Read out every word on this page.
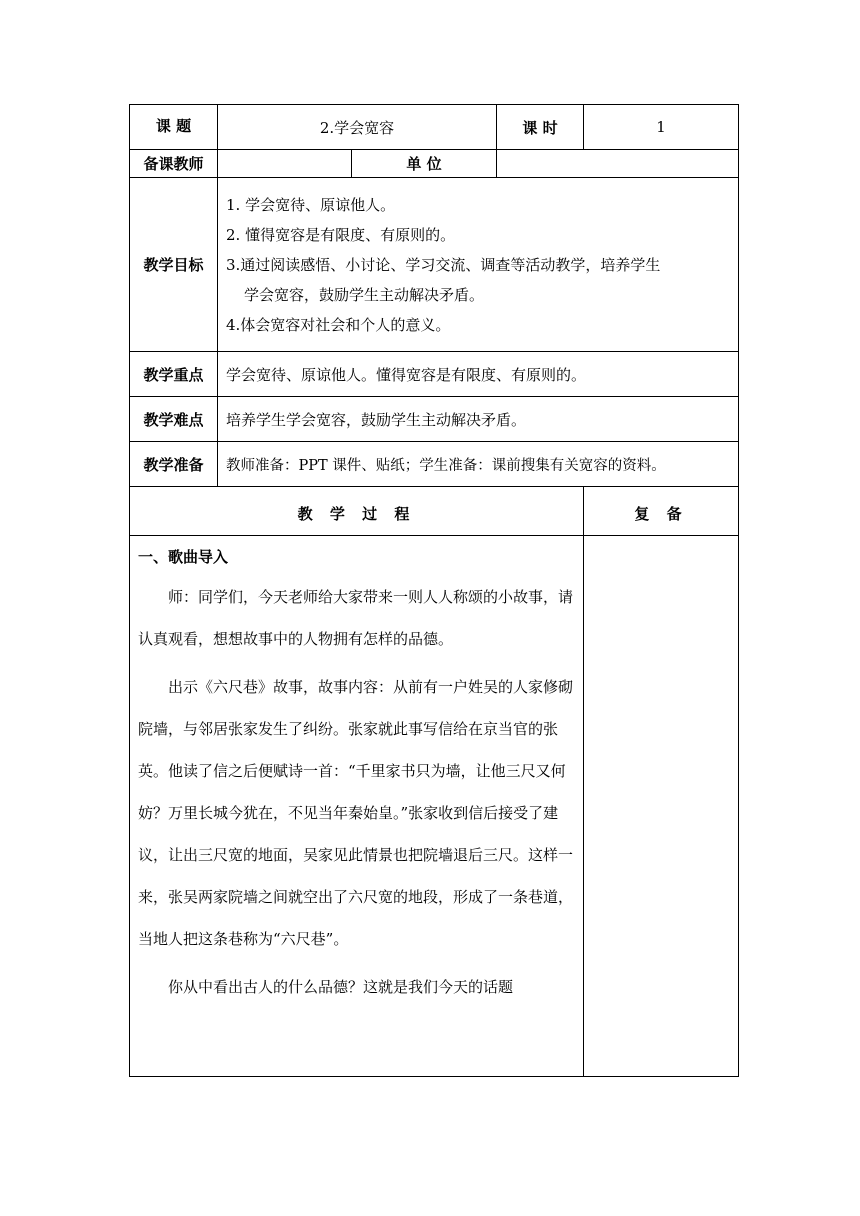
课 题	2.学会宽容		课 时	1
备课教师		单 位		
教学目标	1. 学会宽待、原谅他人。
2. 懂得宽容是有限度、有原则的。
3.通过阅读感悟、小讨论、学习交流、调查等活动教学，培养学生
学会宽容，鼓励学生主动解决矛盾。
4.体会宽容对社会和个人的意义。			

教学重点	学会宽待、原谅他人。懂得宽容是有限度、有原则的。			
教学难点	培养学生学会宽容，鼓励学生主动解决矛盾。			
教学准备	教师准备：PPT 课件、贴纸；学生准备：课前搜集有关宽容的资料。			
教 学 过 程				复 备

一、歌曲导入

师：同学们，今天老师给大家带来一则人人称颂的小故事，请认真观看，想想故事中的人物拥有怎样的品德。

出示《六尺巷》故事，故事内容：从前有一户姓吴的人家修砌院墙，与邻居张家发生了纠纷。张家就此事写信给在京当官的张英。他读了信之后便赋诗一首：“千里家书只为墙，让他三尺又何妨？万里长城今犹在，不见当年秦始皇。”张家收到信后接受了建议，让出三尺宽的地面，吴家见此情景也把院墙退后三尺。这样一来，张吴两家院墙之间就空出了六尺宽的地段，形成了一条巷道，当地人把这条巷称为“六尺巷”。

你从中看出古人的什么品德？这就是我们今天的话题				
